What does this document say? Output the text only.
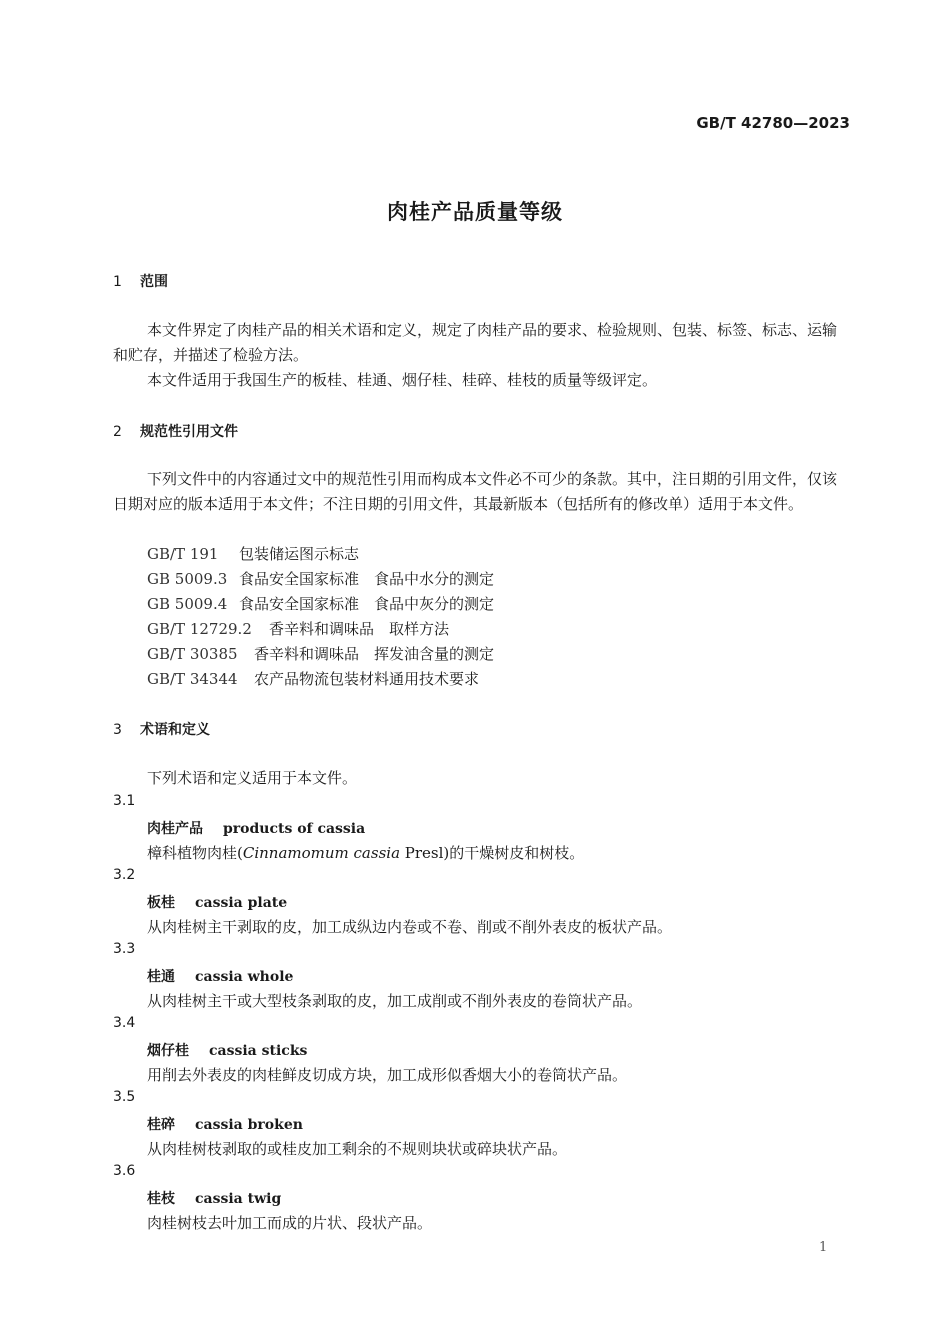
GB/T 42780—2023
肉桂产品质量等级
1 范围
本文件界定了肉桂产品的相关术语和定义，规定了肉桂产品的要求、检验规则、包装、标签、标志、运输和贮存，并描述了检验方法。
本文件适用于我国生产的板桂、桂通、烟仔桂、桂碎、桂枝的质量等级评定。
2 规范性引用文件
下列文件中的内容通过文中的规范性引用而构成本文件必不可少的条款。其中，注日期的引用文件，仅该日期对应的版本适用于本文件；不注日期的引用文件，其最新版本（包括所有的修改单）适用于本文件。
GB/T 191 包装储运图示标志
GB 5009.3 食品安全国家标准　食品中水分的测定
GB 5009.4 食品安全国家标准　食品中灰分的测定
GB/T 12729.2 香辛料和调味品　取样方法
GB/T 30385 香辛料和调味品　挥发油含量的测定
GB/T 34344 农产品物流包装材料通用技术要求
3 术语和定义
下列术语和定义适用于本文件。
3.1
肉桂产品 products of cassia
樟科植物肉桂(Cinnamomum cassia Presl)的干燥树皮和树枝。
3.2
板桂 cassia plate
从肉桂树主干剥取的皮，加工成纵边内卷或不卷、削或不削外表皮的板状产品。
3.3
桂通 cassia whole
从肉桂树主干或大型枝条剥取的皮，加工成削或不削外表皮的卷筒状产品。
3.4
烟仔桂 cassia sticks
用削去外表皮的肉桂鲜皮切成方块，加工成形似香烟大小的卷筒状产品。
3.5
桂碎 cassia broken
从肉桂树枝剥取的或桂皮加工剩余的不规则块状或碎块状产品。
3.6
桂枝 cassia twig
肉桂树枝去叶加工而成的片状、段状产品。
1
